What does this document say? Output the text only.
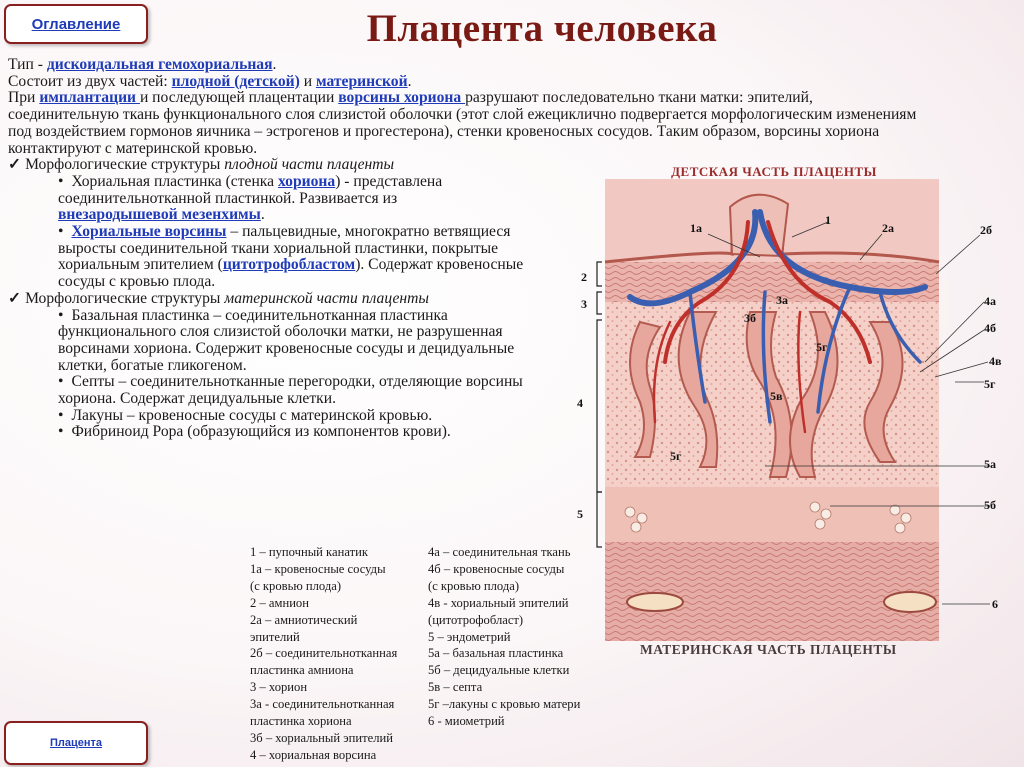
Оглавление	Плацента человека

Тип - дискоидальная гемохориальная.

Состоит из двух частей: плодной (детской) и материнской.

При имплантации и последующей плацентации ворсины хориона разрушают последовательно ткани матки: эпителий,

соединительную ткань функционального слоя слизистой оболочки (этот слой ежециклично подвергается морфологическим изменениям

под воздействием гормонов яичника – эстрогенов и прогестерона), стенки кровеносных сосудов. Таким образом, ворсины хориона

контактируют с материнской кровью.

✓ Морфологические структуры плодной части плаценты

• Хориальная пластинка (стенка хориона) - представлена

соединительнотканной пластинкой. Развивается из

внезародышевой мезенхимы.

• Хориальные ворсины – пальцевидные, многократно ветвящиеся

выросты соединительной ткани хориальной пластинки, покрытые

хориальным эпителием (цитотрофобластом). Содержат кровеносные

сосуды с кровью плода.

✓ Морфологические структуры материнской части плаценты

• Базальная пластинка – соединительнотканная пластинка

функционального слоя слизистой оболочки матки, не разрушенная

ворсинами хориона. Содержит кровеносные сосуды и децидуальные

клетки, богатые гликогеном.

• Септы – соединительнотканные перегородки, отделяющие ворсины

хориона. Содержат децидуальные клетки.

• Лакуны – кровеносные сосуды с материнской кровью.

• Фибриноид Рора (образующийся из компонентов крови).

ДЕТСКАЯ ЧАСТЬ ПЛАЦЕНТЫ
1
1а	2а	2б
2
3	3а
3б
4а
4б
4в
5г
5г
5в
4
5г
5а
5б
5
6
МАТЕРИНСКАЯ ЧАСТЬ ПЛАЦЕНТЫ
1 – пупочный канатик
1а – кровеносные сосуды
(с кровью плода)
2 – амнион
2а – амниотический
эпителий
2б – соединительнотканная
пластинка амниона
3 – хорион
3а - соединительнотканная
пластинка хориона
3б – хориальный эпителий
4 – хориальная ворсина
4а – соединительная ткань
4б – кровеносные сосуды
(с кровью плода)
4в - хориальный эпителий
(цитотрофобласт)
5 – эндометрий
5а – базальная пластинка
5б – децидуальные клетки
5в – септа
5г –лакуны с кровью матери
6 - миометрий
Плацента
